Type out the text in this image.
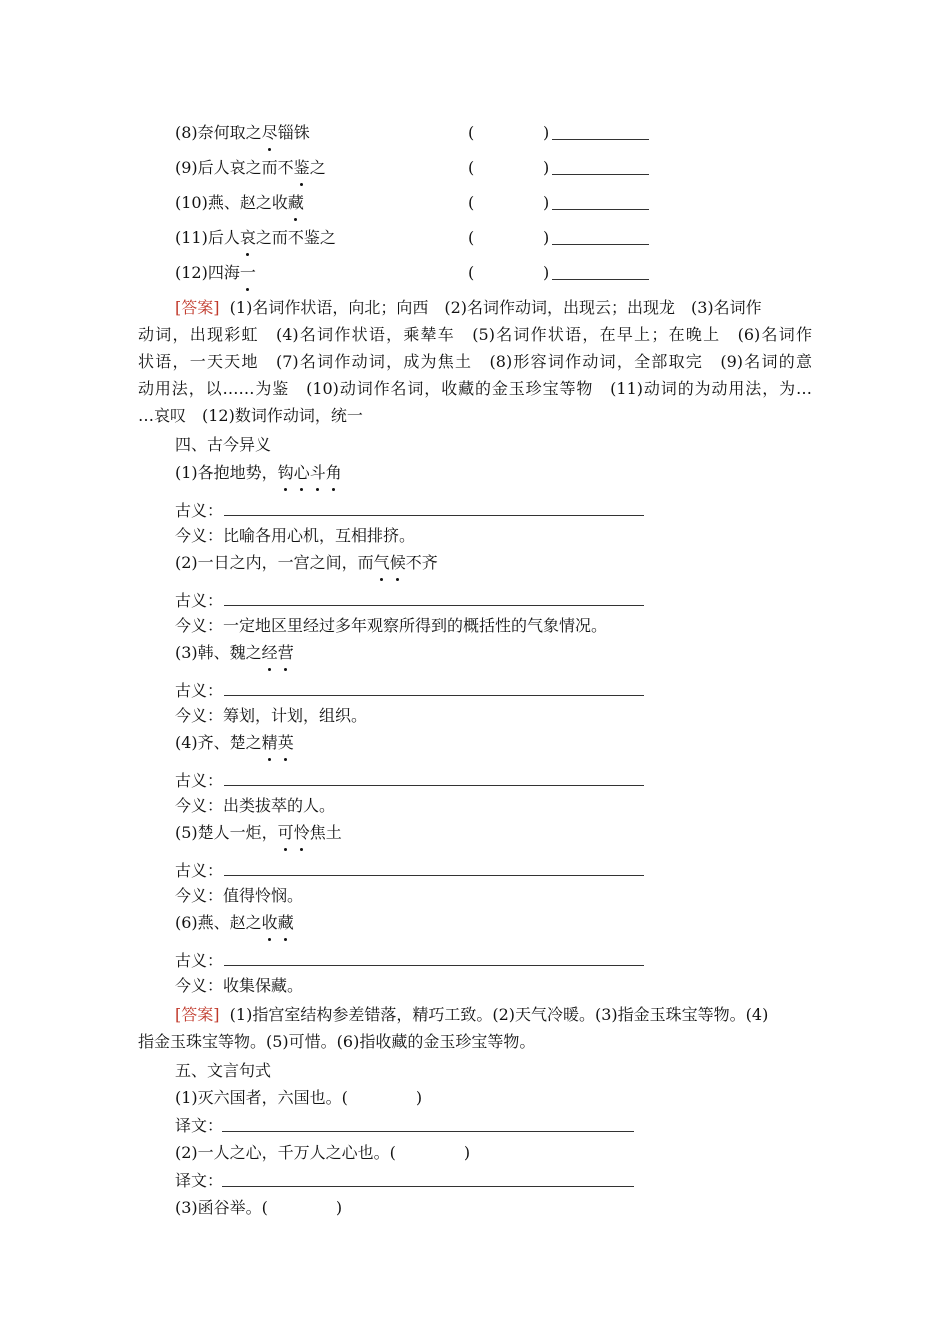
(8)奈何取之尽锱铢	(	)
(9)后人哀之而不鉴之	(	)
(10)燕、赵之收藏	(	)
(11)后人哀之而不鉴之	(	)
(12)四海一	(	)
[答案] (1)名词作状语，向北；向西　(2)名词作动词，出现云；出现龙　(3)名词作
动词，出现彩虹　(4)名词作状语，乘辇车　(5)名词作状语，在早上；在晚上　(6)名词作
状语，一天天地　(7)名词作动词，成为焦土　(8)形容词作动词，全部取完　(9)名词的意
动用法，以……为鉴　(10)动词作名词，收藏的金玉珍宝等物　(11)动词的为动用法，为…
…哀叹　(12)数词作动词，统一
四、古今异义
(1)各抱地势，钩心斗角
古义：
今义：比喻各用心机，互相排挤。
(2)一日之内，一宫之间，而气候不齐
古义：
今义：一定地区里经过多年观察所得到的概括性的气象情况。
(3)韩、魏之经营
古义：
今义：筹划，计划，组织。
(4)齐、楚之精英
古义：
今义：出类拔萃的人。
(5)楚人一炬，可怜焦土
古义：
今义：值得怜悯。
(6)燕、赵之收藏
古义：
今义：收集保藏。
[答案] (1)指宫室结构参差错落，精巧工致。(2)天气冷暖。(3)指金玉珠宝等物。(4)
指金玉珠宝等物。(5)可惜。(6)指收藏的金玉珍宝等物。
五、文言句式
(1)灭六国者，六国也。(	)
译文：
(2)一人之心，千万人之心也。(	)
译文：
(3)函谷举。(	)
